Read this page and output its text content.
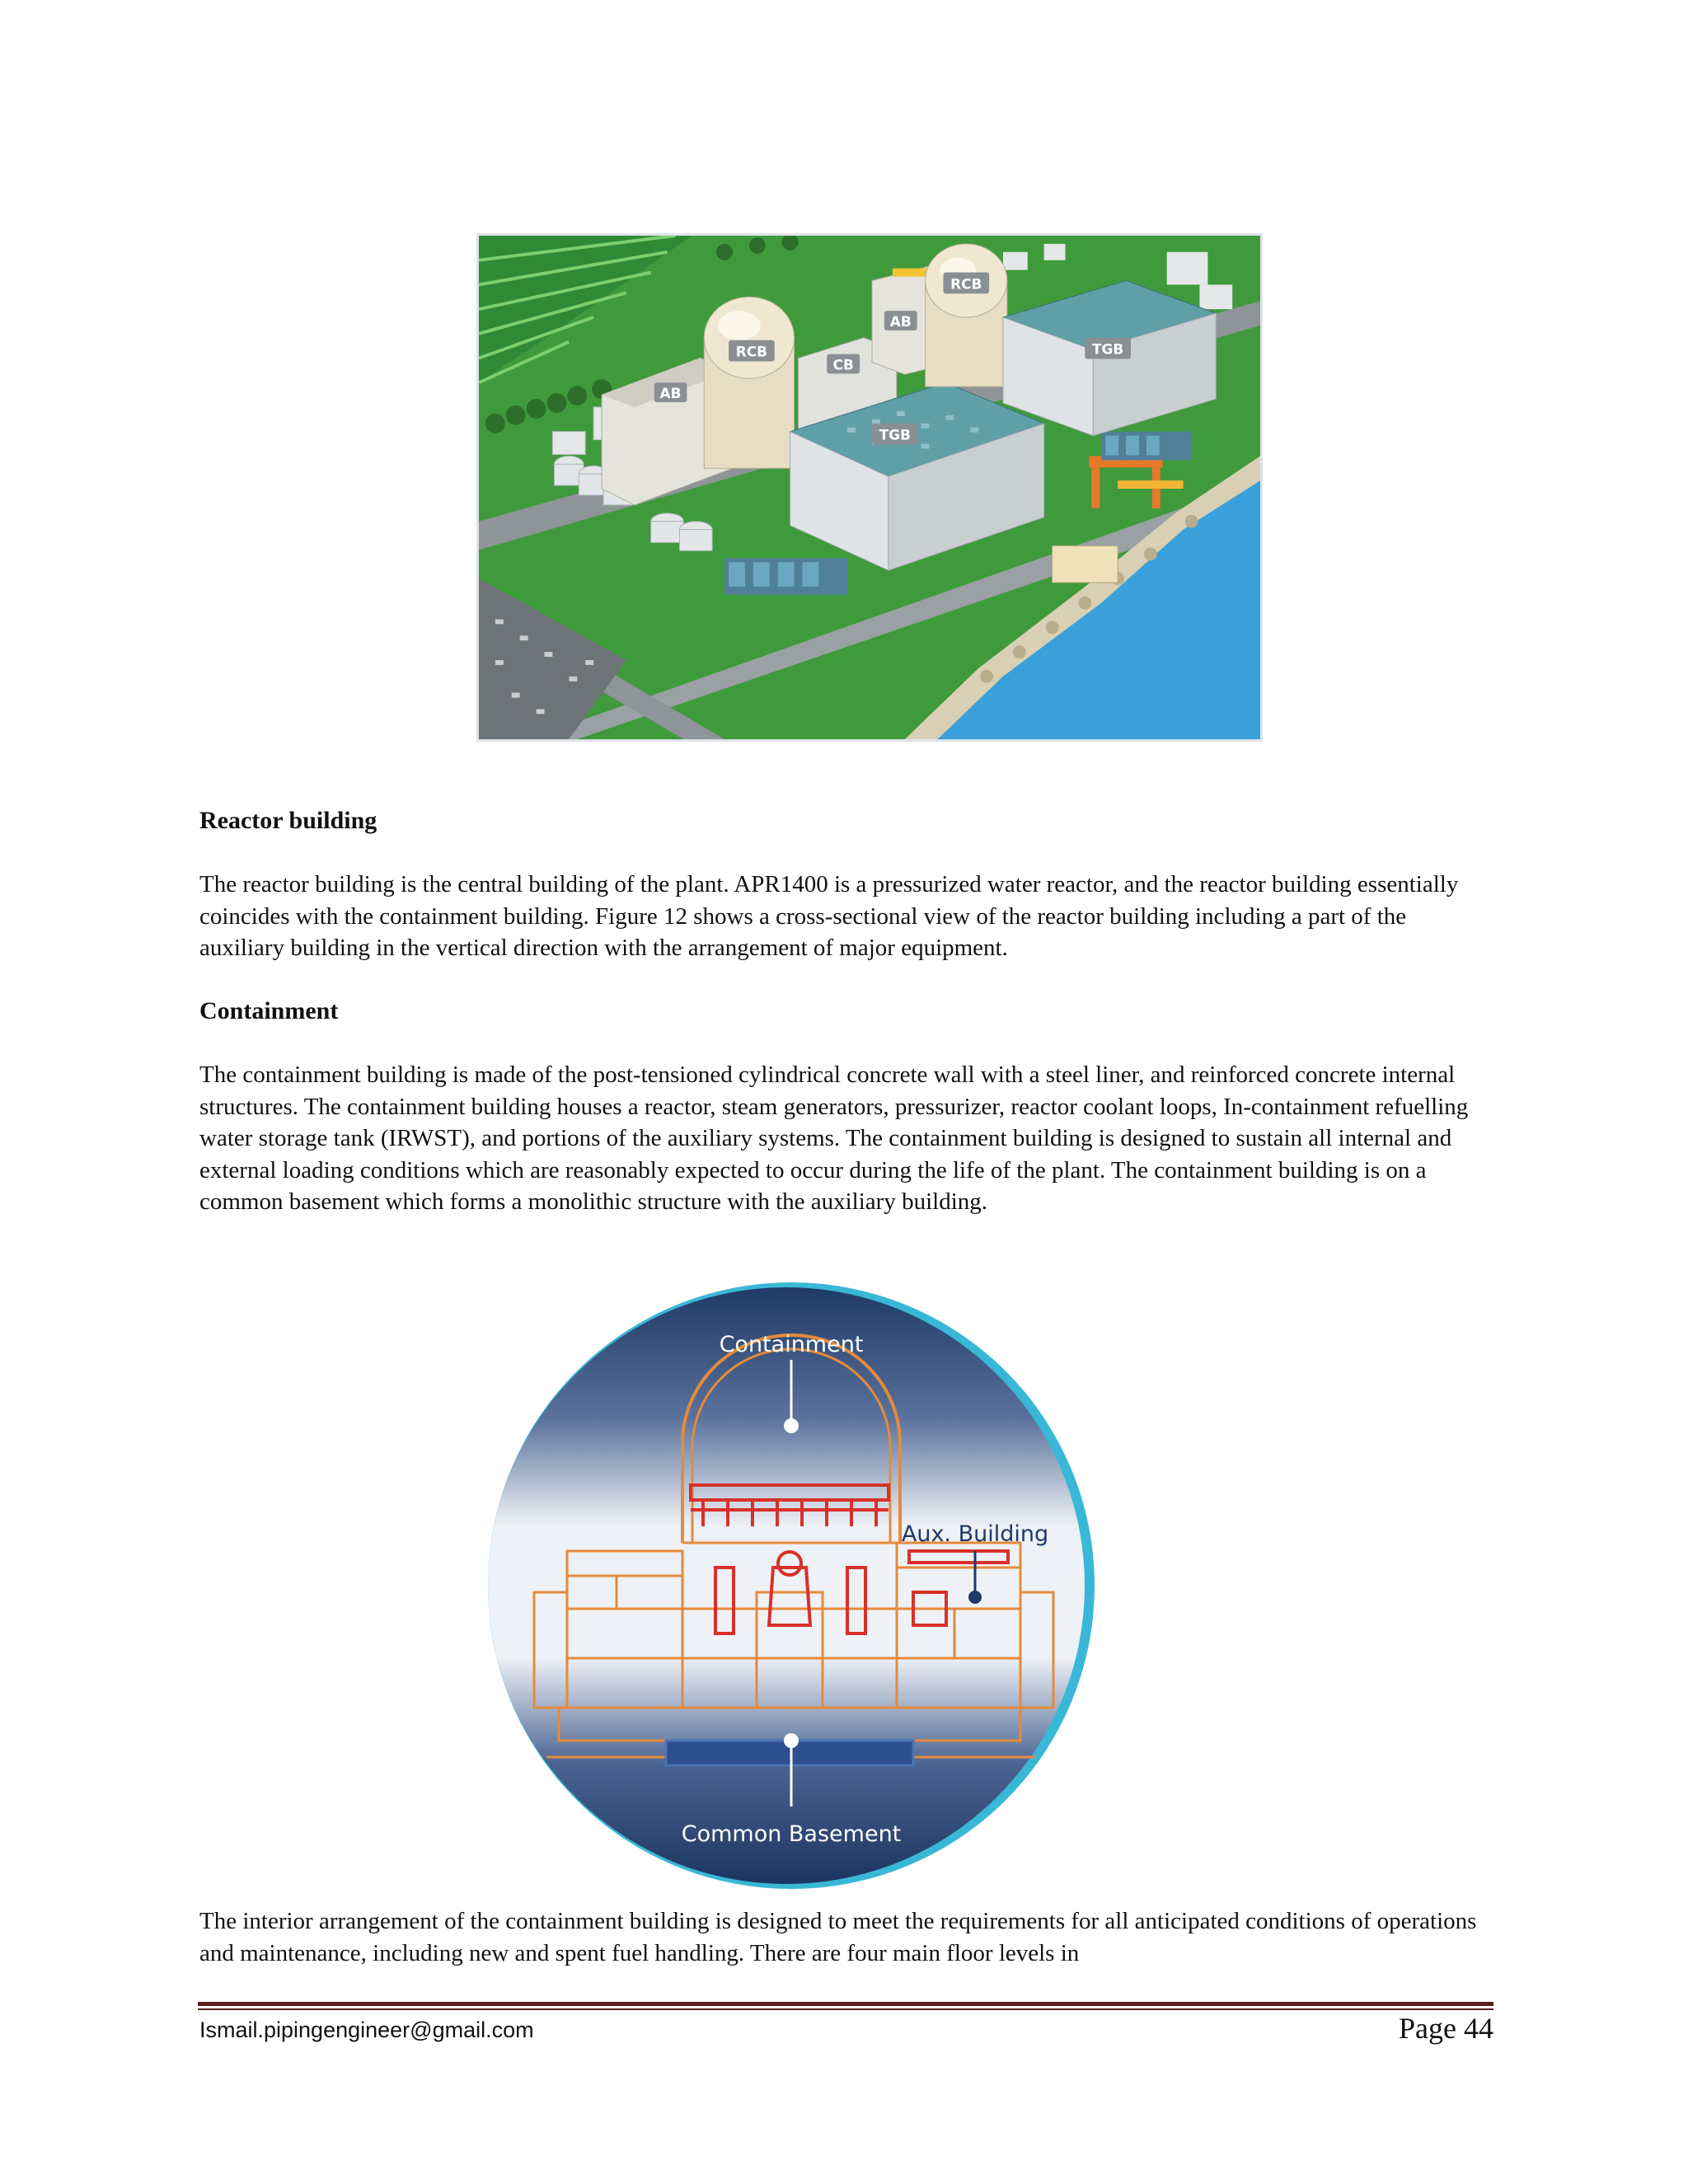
RCB
RCB
AB
AB
CB
TGB
TGB
Reactor building

The reactor building is the central building of the plant. APR1400 is a pressurized water reactor, and the reactor building essentially coincides with the containment building. Figure 12 shows a cross-sectional view of the reactor building including a part of the auxiliary building in the vertical direction with the arrangement of major equipment.

Containment

The containment building is made of the post-tensioned cylindrical concrete wall with a steel liner, and reinforced concrete internal structures. The containment building houses a reactor, steam generators, pressurizer, reactor coolant loops, In-containment refuelling water storage tank (IRWST), and portions of the auxiliary systems. The containment building is designed to sustain all internal and external loading conditions which are reasonably expected to occur during the life of the plant. The containment building is on a common basement which forms a monolithic structure with the auxiliary building.

Containment
Aux. Building
Common Basement

The interior arrangement of the containment building is designed to meet the requirements for all anticipated conditions of operations and maintenance, including new and spent fuel handling. There are four main floor levels in

Ismail.pipingengineer@gmail.com	Page 44
